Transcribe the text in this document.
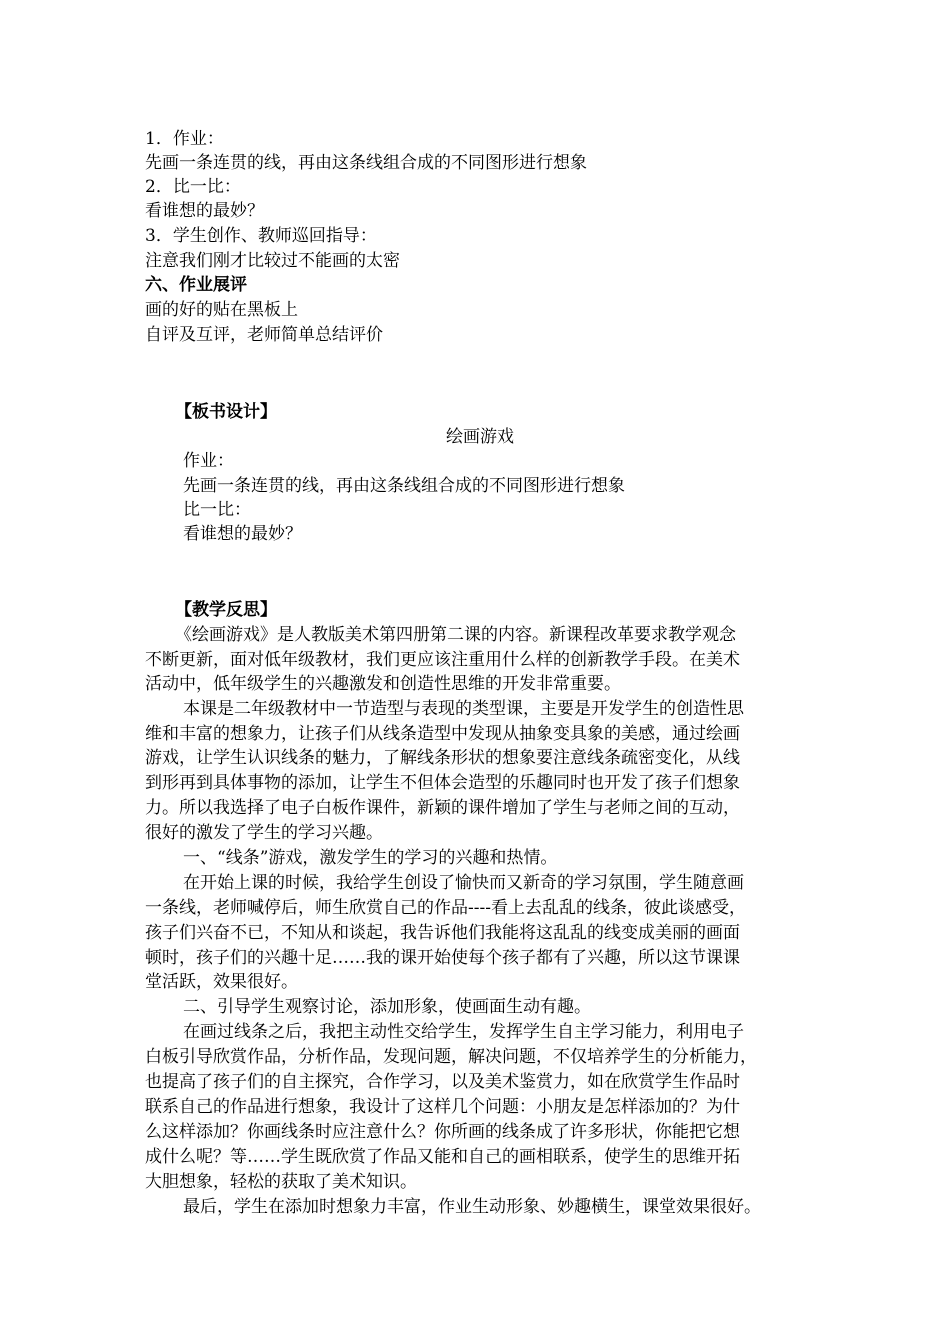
1．作业：
先画一条连贯的线，再由这条线组合成的不同图形进行想象
2．比一比：
看谁想的最妙？
3．学生创作、教师巡回指导：
注意我们刚才比较过不能画的太密
六、作业展评
画的好的贴在黑板上
自评及互评，老师简单总结评价
【板书设计】
绘画游戏
作业：
先画一条连贯的线，再由这条线组合成的不同图形进行想象
比一比：
看谁想的最妙？
【教学反思】
《绘画游戏》是人教版美术第四册第二课的内容。新课程改革要求教学观念
不断更新，面对低年级教材，我们更应该注重用什么样的创新教学手段。在美术
活动中，低年级学生的兴趣激发和创造性思维的开发非常重要。
本课是二年级教材中一节造型与表现的类型课，主要是开发学生的创造性思
维和丰富的想象力，让孩子们从线条造型中发现从抽象变具象的美感，通过绘画
游戏，让学生认识线条的魅力，了解线条形状的想象要注意线条疏密变化，从线
到形再到具体事物的添加，让学生不但体会造型的乐趣同时也开发了孩子们想象
力。所以我选择了电子白板作课件，新颖的课件增加了学生与老师之间的互动，
很好的激发了学生的学习兴趣。
一、“线条”游戏，激发学生的学习的兴趣和热情。
在开始上课的时候，我给学生创设了愉快而又新奇的学习氛围，学生随意画
一条线，老师喊停后，师生欣赏自己的作品----看上去乱乱的线条，彼此谈感受，
孩子们兴奋不已，不知从和谈起，我告诉他们我能将这乱乱的线变成美丽的画面
顿时，孩子们的兴趣十足……我的课开始使每个孩子都有了兴趣，所以这节课课
堂活跃，效果很好。
二、引导学生观察讨论，添加形象，使画面生动有趣。
在画过线条之后，我把主动性交给学生，发挥学生自主学习能力，利用电子
白板引导欣赏作品，分析作品，发现问题，解决问题，不仅培养学生的分析能力，
也提高了孩子们的自主探究，合作学习，以及美术鉴赏力，如在欣赏学生作品时
联系自己的作品进行想象，我设计了这样几个问题：小朋友是怎样添加的？为什
么这样添加？你画线条时应注意什么？你所画的线条成了许多形状，你能把它想
成什么呢？等……学生既欣赏了作品又能和自己的画相联系，使学生的思维开拓
大胆想象，轻松的获取了美术知识。
最后，学生在添加时想象力丰富，作业生动形象、妙趣横生，课堂效果很好。
